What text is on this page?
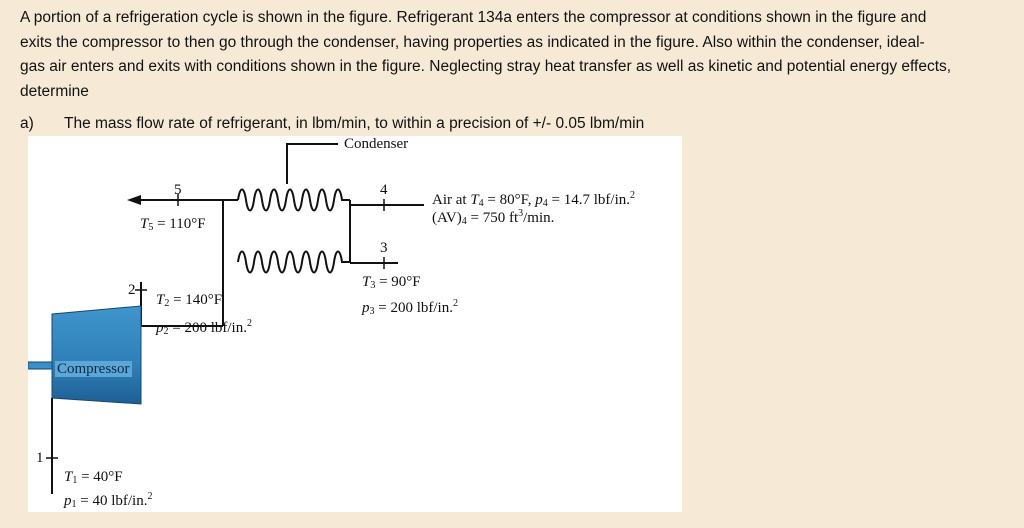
A portion of a refrigeration cycle is shown in the figure. Refrigerant 134a enters the compressor at conditions shown in the figure and

exits the compressor to then go through the condenser, having properties as indicated in the figure. Also within the condenser, ideal-

gas air enters and exits with conditions shown in the figure. Neglecting stray heat transfer as well as kinetic and potential energy effects,

determine

a) The mass flow rate of refrigerant, in lbm/min, to within a precision of +/- 0.05 lbm/min
Condenser
5	4
3
2
1
$T_5 = 110^\circ F$
$T_2 = 140^\circ F$
$p_2 = 200$ lbf/in.$^2$
$T_3 = 90^\circ F$
$p_3 = 200$ lbf/in.$^2$
Air at $T_4 = 80^\circ F$, $p_4 = 14.7$ lbf/in.$^2$
$(AV)_4 = 750$ $ft^3/\min$.
Compressor
$T_1 = 40^\circ F$
$p_1 = 40$ lbf/in.$^2$
